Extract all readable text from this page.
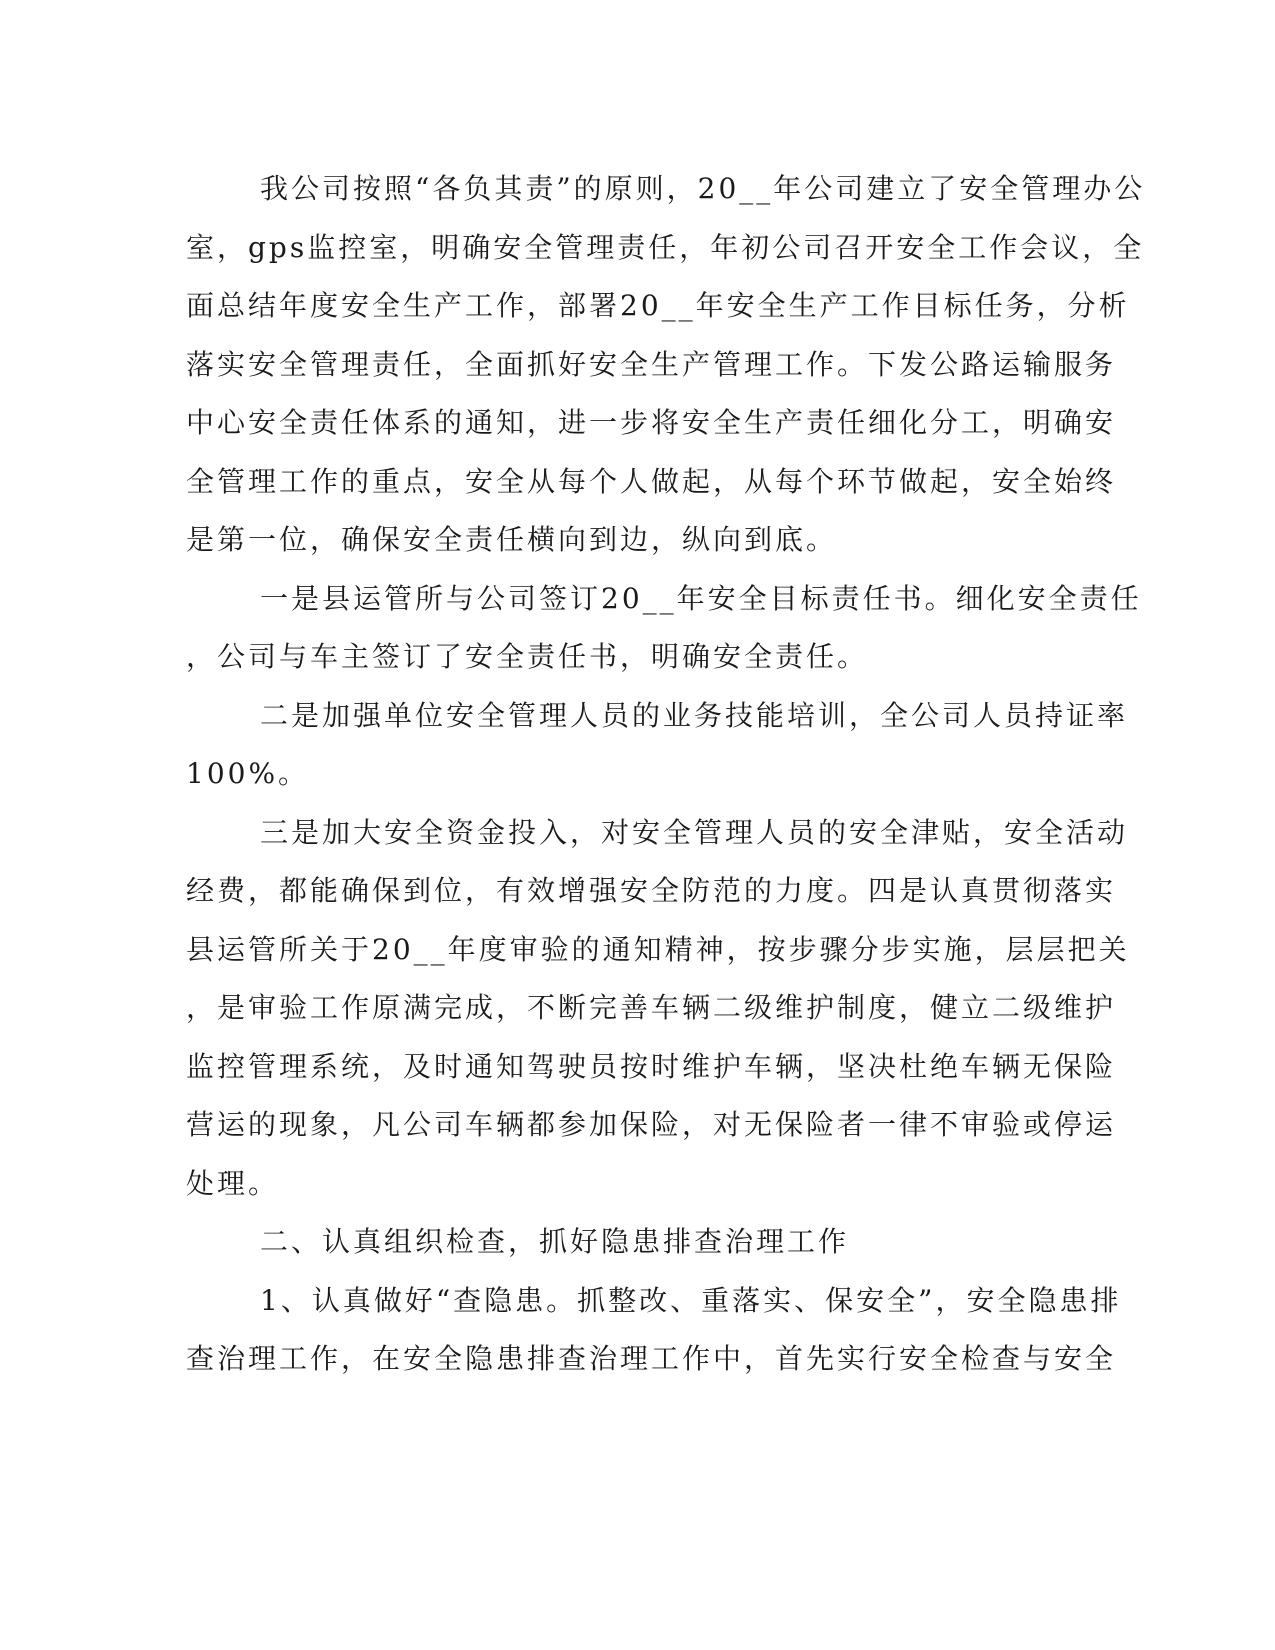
我公司按照“各负其责”的原则，20__年公司建立了安全管理办公
室，gps监控室，明确安全管理责任，年初公司召开安全工作会议，全
面总结年度安全生产工作，部署20__年安全生产工作目标任务，分析
落实安全管理责任，全面抓好安全生产管理工作。下发公路运输服务
中心安全责任体系的通知，进一步将安全生产责任细化分工，明确安
全管理工作的重点，安全从每个人做起，从每个环节做起，安全始终
是第一位，确保安全责任横向到边，纵向到底。
一是县运管所与公司签订20__年安全目标责任书。细化安全责任
，公司与车主签订了安全责任书，明确安全责任。
二是加强单位安全管理人员的业务技能培训，全公司人员持证率
100%。
三是加大安全资金投入，对安全管理人员的安全津贴，安全活动
经费，都能确保到位，有效增强安全防范的力度。四是认真贯彻落实
县运管所关于20__年度审验的通知精神，按步骤分步实施，层层把关
，是审验工作原满完成，不断完善车辆二级维护制度，健立二级维护
监控管理系统，及时通知驾驶员按时维护车辆，坚决杜绝车辆无保险
营运的现象，凡公司车辆都参加保险，对无保险者一律不审验或停运
处理。
二、认真组织检查，抓好隐患排查治理工作
1、认真做好“查隐患。抓整改、重落实、保安全”，安全隐患排
查治理工作，在安全隐患排查治理工作中，首先实行安全检查与安全
